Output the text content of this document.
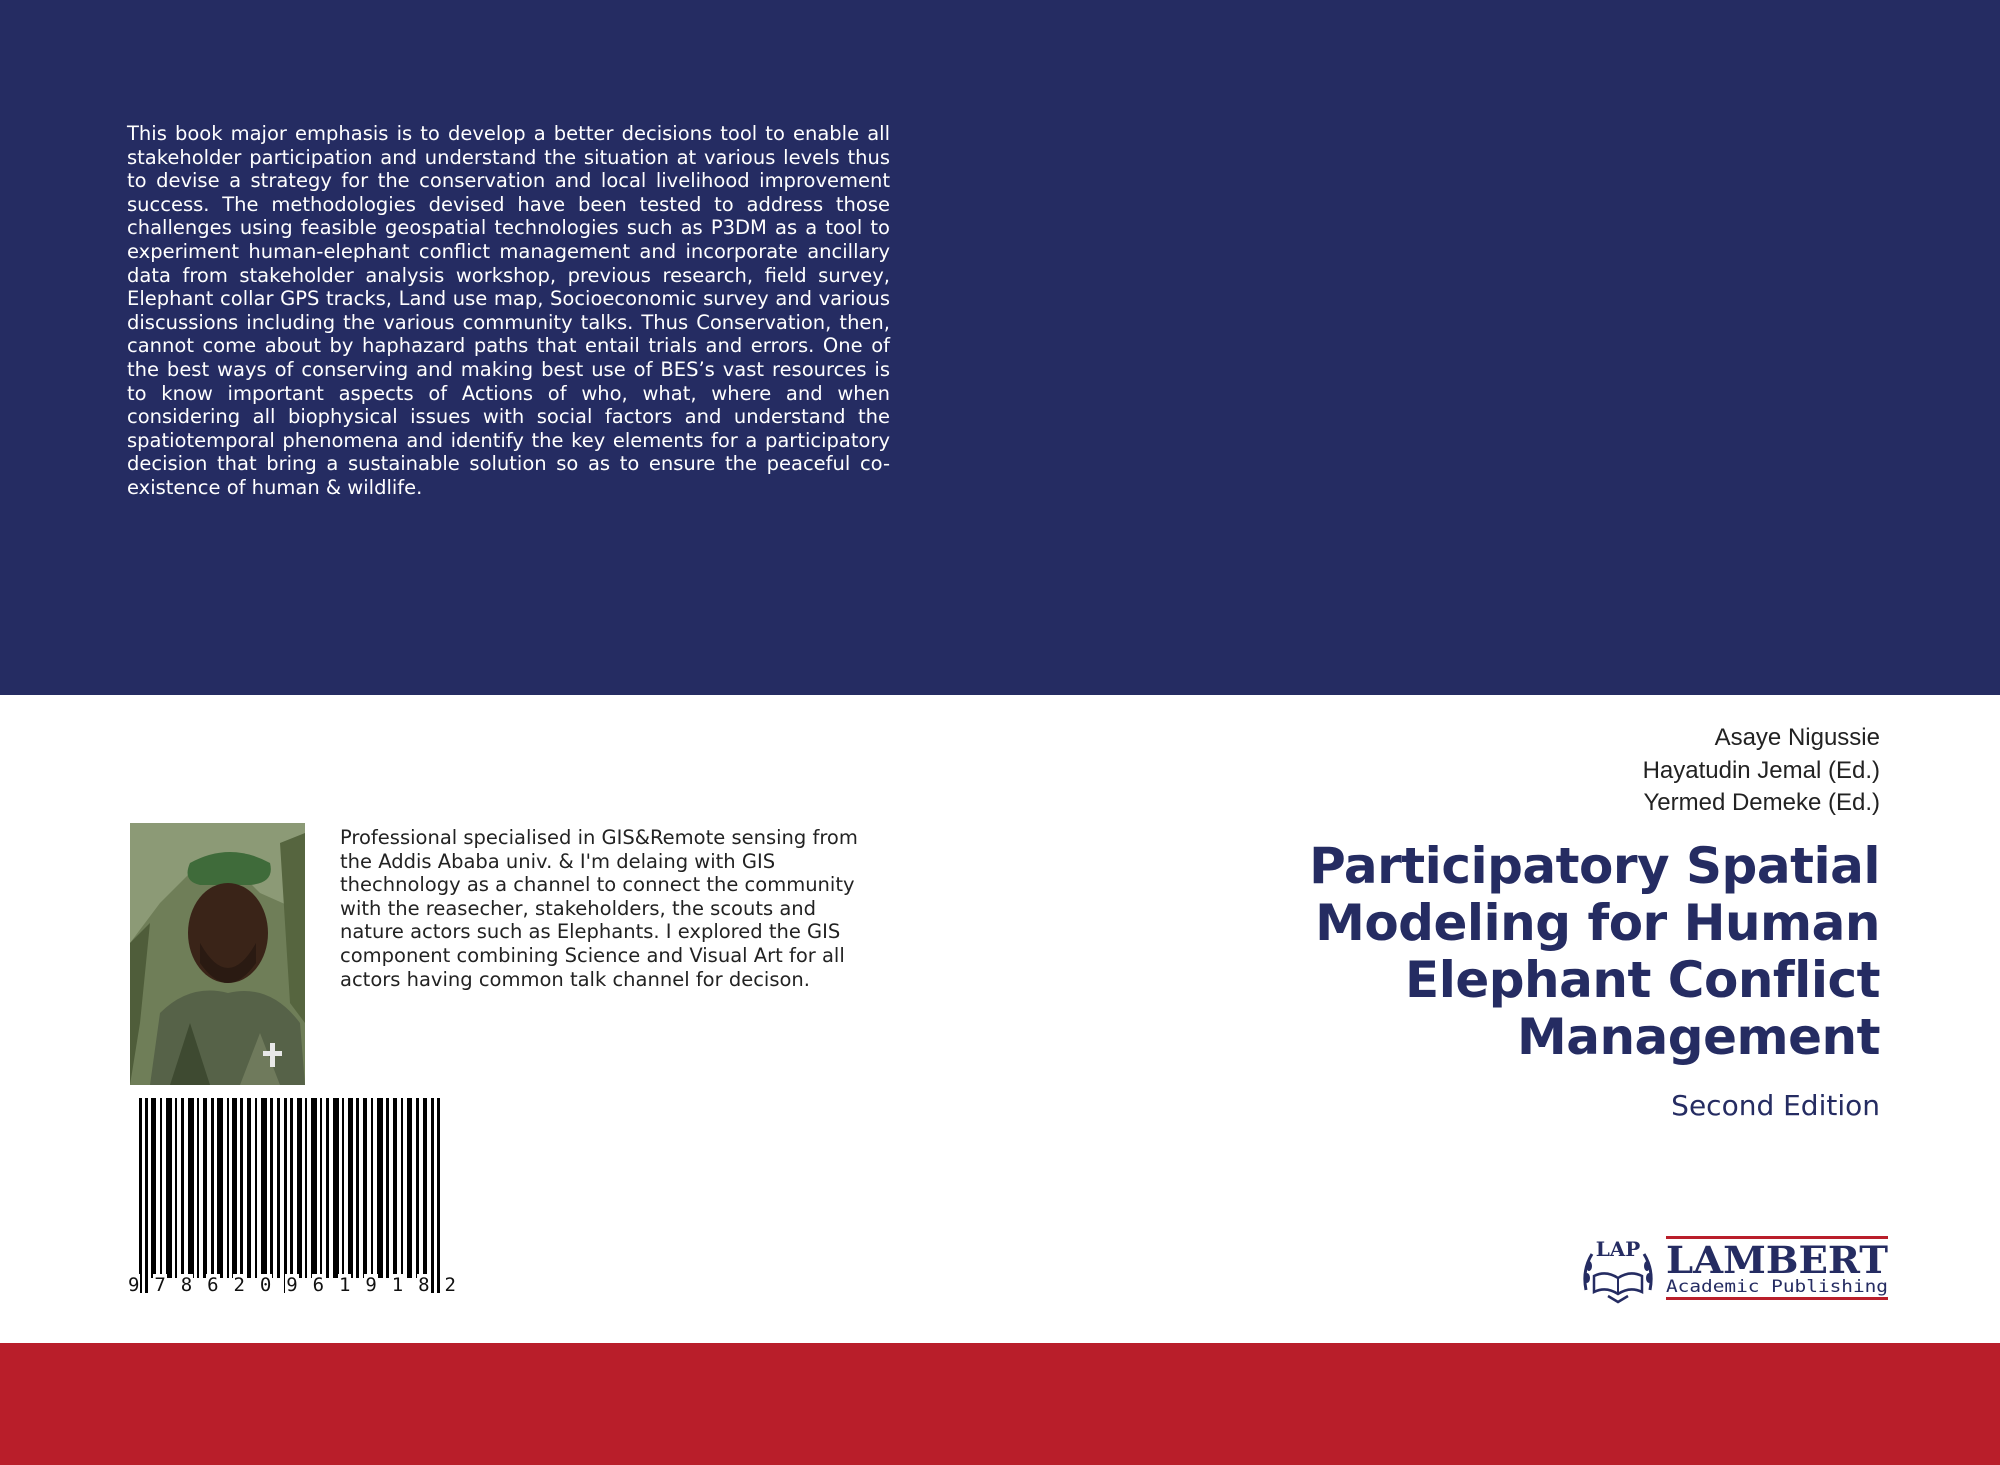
This book major emphasis is to develop a better decisions tool to enable all stakeholder participation and understand the situation at various levels thus to devise a strategy for the conservation and local livelihood improvement success. The methodologies devised have been tested to address those challenges using feasible geospatial technologies such as P3DM as a tool to experiment human-elephant conflict management and incorporate ancillary data from stakeholder analysis workshop, previous research, field survey, Elephant collar GPS tracks, Land use map, Socioeconomic survey and various discussions including the various community talks. Thus Conservation, then, cannot come about by haphazard paths that entail trials and errors. One of the best ways of conserving and making best use of BES’s vast resources is to know important aspects of Actions of who, what, where and when considering all biophysical issues with social factors and understand the spatiotemporal phenomena and identify the key elements for a participatory decision that bring a sustainable solution so as to ensure the peaceful co-existence of human & wildlife.

Professional specialised in GIS&Remote sensing from the Addis Ababa univ. & I'm delaing with GIS thechnology as a channel to connect the community with the reasecher, stakeholders, the scouts and nature actors such as Elephants. I explored the GIS component combining Science and Visual Art for all actors having common talk channel for decison.

9 7 8 6 2 0 9 6 1 9 1 8 2
Asaye Nigussie
Hayatudin Jemal (Ed.)
Yermed Demeke (Ed.)
Participatory Spatial
Modeling for Human
Elephant Conflict
Management
Second Edition
LAP LAMBERT
Academic Publishing
